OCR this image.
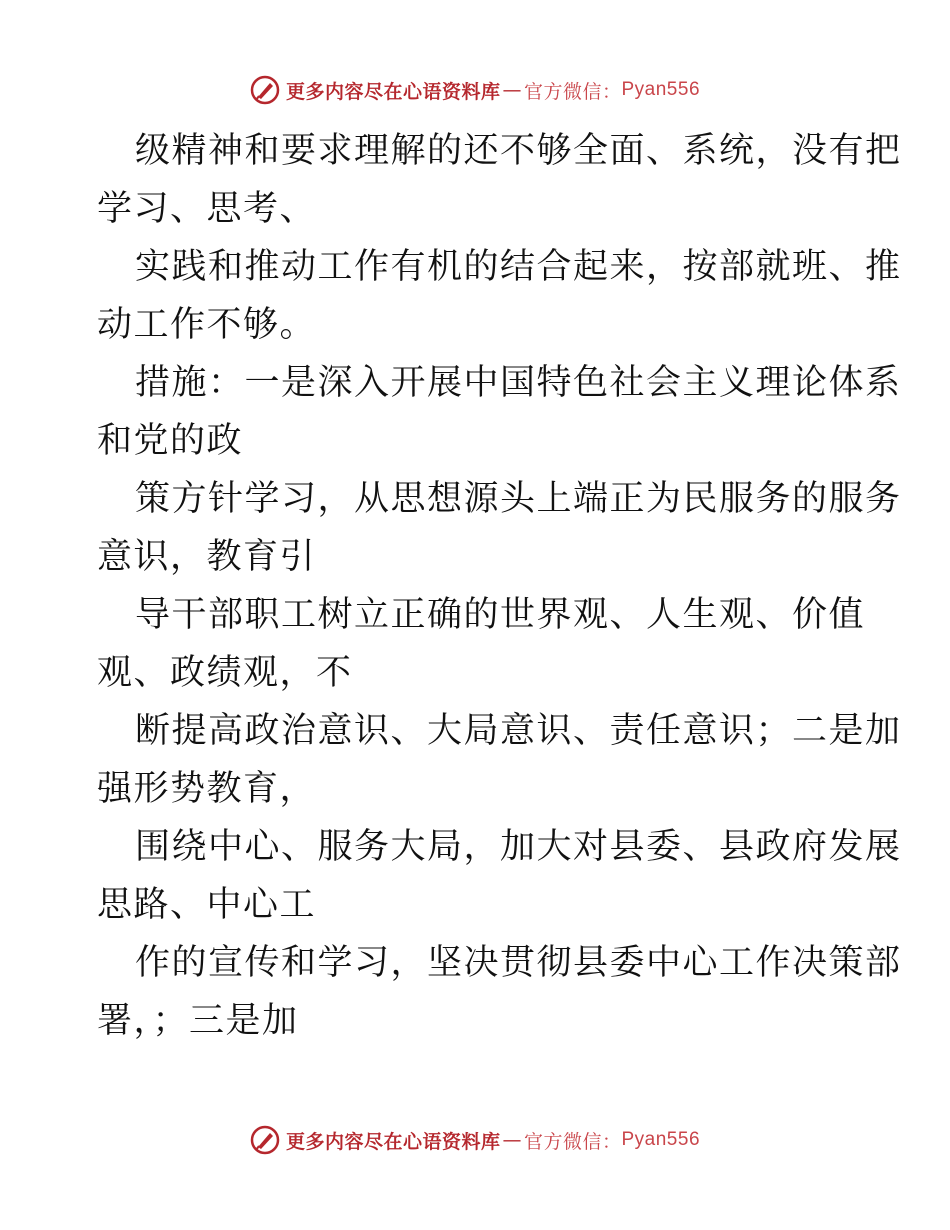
更多内容尽在心语资料库 — 官方微信： Pyan556
级精神和要求理解的还不够全面、系统，没有把
学习、思考、
实践和推动工作有机的结合起来，按部就班、推
动工作不够。
措施：一是深入开展中国特色社会主义理论体系
和党的政
策方针学习，从思想源头上端正为民服务的服务
意识，教育引
导干部职工树立正确的世界观、人生观、价值
观、政绩观，不
断提高政治意识、大局意识、责任意识；二是加
强形势教育，
围绕中心、服务大局，加大对县委、县政府发展
思路、中心工
作的宣传和学习，坚决贯彻县委中心工作决策部
署，；三是加
更多内容尽在心语资料库 — 官方微信： Pyan556
